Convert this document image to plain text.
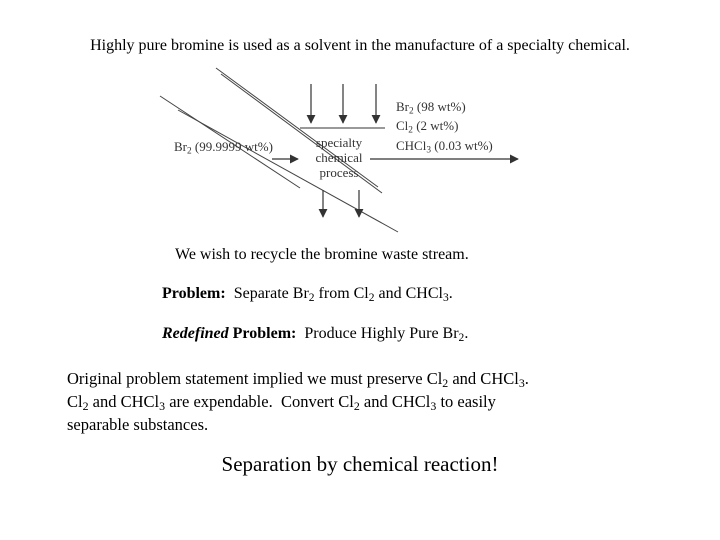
Highly pure bromine is used as a solvent in the manufacture of a specialty chemical.
$Br_2$ (99.9999 wt%)	specialty
chemical
process
$Br_2$ (98 wt%)
$Cl_2$ (2 wt%)
CHCl$_3$ (0.03 wt%)
We wish to recycle the bromine waste stream.
Problem:  Separate $Br_2$ from $Cl_2$ and CHCl$_3$.
Redefined Problem:  Produce Highly Pure $Br_2$.
Original problem statement implied we must preserve $Cl_2$ and CHCl$_3$.
$Cl_2$ and CHCl$_3$ are expendable.  Convert $Cl_2$ and CHCl$_3$ to easily
separable substances.
Separation by chemical reaction!
